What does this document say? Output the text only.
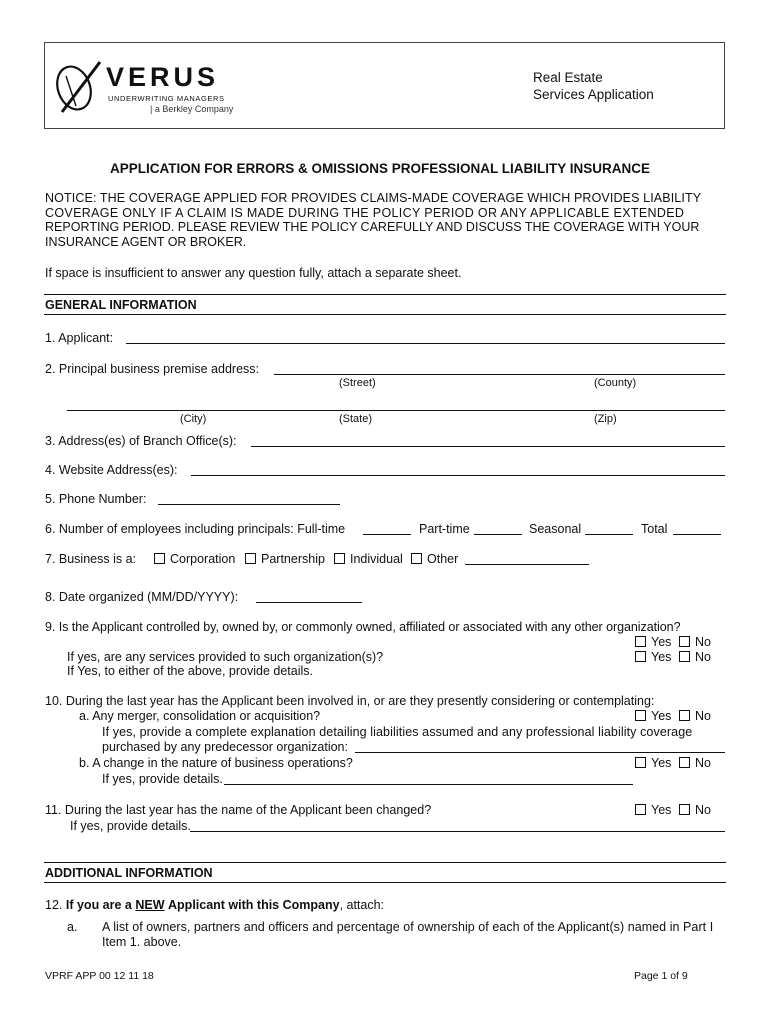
VERUS
UNDERWRITING MANAGERS
| a Berkley Company
Real Estate
Services Application
APPLICATION FOR ERRORS & OMISSIONS PROFESSIONAL LIABILITY INSURANCE
NOTICE: THE COVERAGE APPLIED FOR PROVIDES CLAIMS-MADE COVERAGE WHICH PROVIDES LIABILITY
COVERAGE ONLY IF A CLAIM IS MADE DURING THE POLICY PERIOD OR ANY APPLICABLE EXTENDED
REPORTING PERIOD. PLEASE REVIEW THE POLICY CAREFULLY AND DISCUSS THE COVERAGE WITH YOUR
INSURANCE AGENT OR BROKER.
If space is insufficient to answer any question fully, attach a separate sheet.
GENERAL INFORMATION
1. Applicant:
2. Principal business premise address:
(Street)	(County)
(City)	(State)	(Zip)
3. Address(es) of Branch Office(s):
4. Website Address(es):
5. Phone Number:
6. Number of employees including principals: Full-time	Part-time	Seasonal	Total
7. Business is a:	Corporation	Partnership	Individual	Other
8. Date organized (MM/DD/YYYY):
9. Is the Applicant controlled by, owned by, or commonly owned, affiliated or associated with any other organization?
Yes	No
If yes, are any services provided to such organization(s)?	Yes	No
If Yes, to either of the above, provide details.
10. During the last year has the Applicant been involved in, or are they presently considering or contemplating:
a. Any merger, consolidation or acquisition?	Yes	No
If yes, provide a complete explanation detailing liabilities assumed and any professional liability coverage
purchased by any predecessor organization:
b. A change in the nature of business operations?	Yes	No
If yes, provide details.
11. During the last year has the name of the Applicant been changed?	Yes	No
If yes, provide details.
ADDITIONAL INFORMATION
12. If you are a NEW Applicant with this Company, attach:
a. A list of owners, partners and officers and percentage of ownership of each of the Applicant(s) named in Part I
Item 1. above.
VPRF APP 00 12 11 18	Page 1 of 9
